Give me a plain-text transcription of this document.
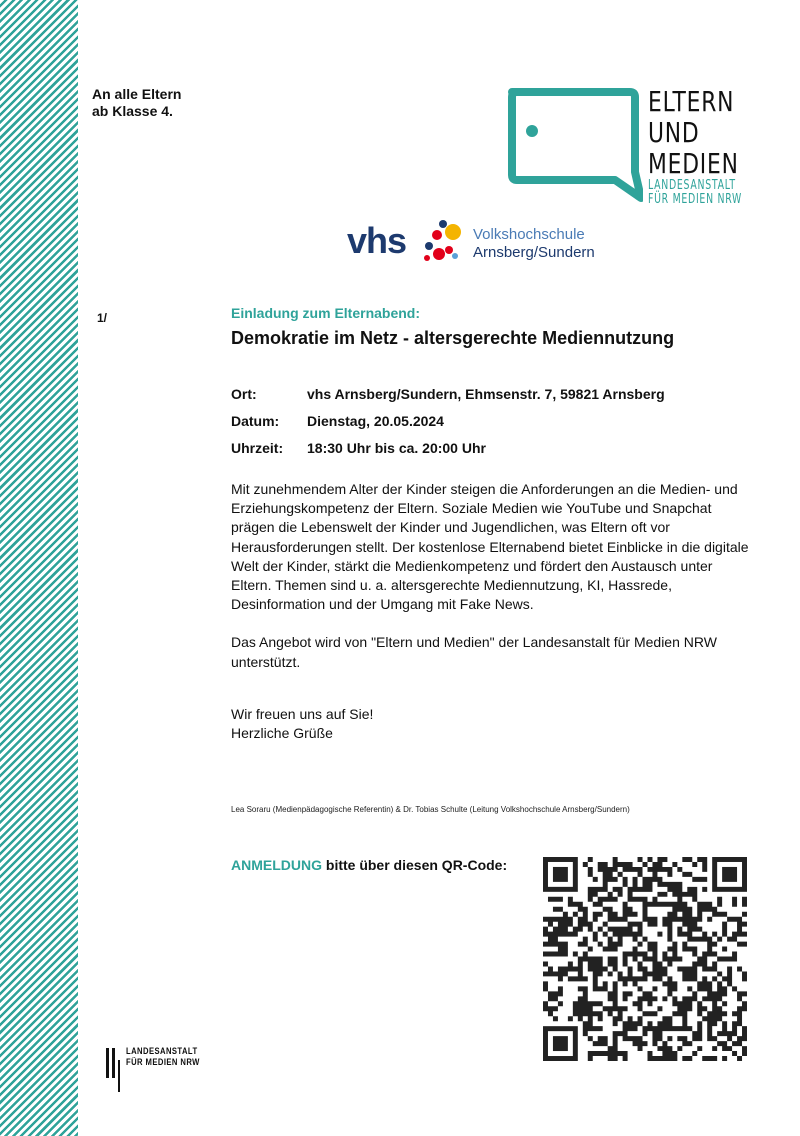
An alle Eltern
ab Klasse 4.	ELTERN
UND
MEDIEN
LANDESANSTALT
FÜR MEDIEN NRW
vhs	Volkshochschule
Arnsberg/Sundern
1/	Einladung zum Elternabend:
Demokratie im Netz - altersgerechte Mediennutzung
Ort:	vhs Arnsberg/Sundern, Ehmsenstr. 7, 59821 Arnsberg
Datum:	Dienstag, 20.05.2024
Uhrzeit:	18:30 Uhr bis ca. 20:00 Uhr

Mit zunehmendem Alter der Kinder steigen die Anforderungen an die Medien- und Erziehungskompetenz der Eltern. Soziale Medien wie YouTube und Snapchat prägen die Lebenswelt der Kinder und Jugendlichen, was Eltern oft vor Herausforderungen stellt. Der kostenlose Elternabend bietet Einblicke in die digitale Welt der Kinder, stärkt die Medienkompetenz und fördert den Austausch unter Eltern. Themen sind u. a. altersgerechte Mediennutzung, KI, Hassrede, Desinformation und der Umgang mit Fake News.

Das Angebot wird von "Eltern und Medien" der Landesanstalt für Medien NRW unterstützt.

Wir freuen uns auf Sie!
Herzliche Grüße
Lea Soraru (Medienpädagogische Referentin) & Dr. Tobias Schulte (Leitung Volkshochschule Arnsberg/Sundern)
ANMELDUNG bitte über diesen QR-Code:
LANDESANSTALT
FÜR MEDIEN NRW
